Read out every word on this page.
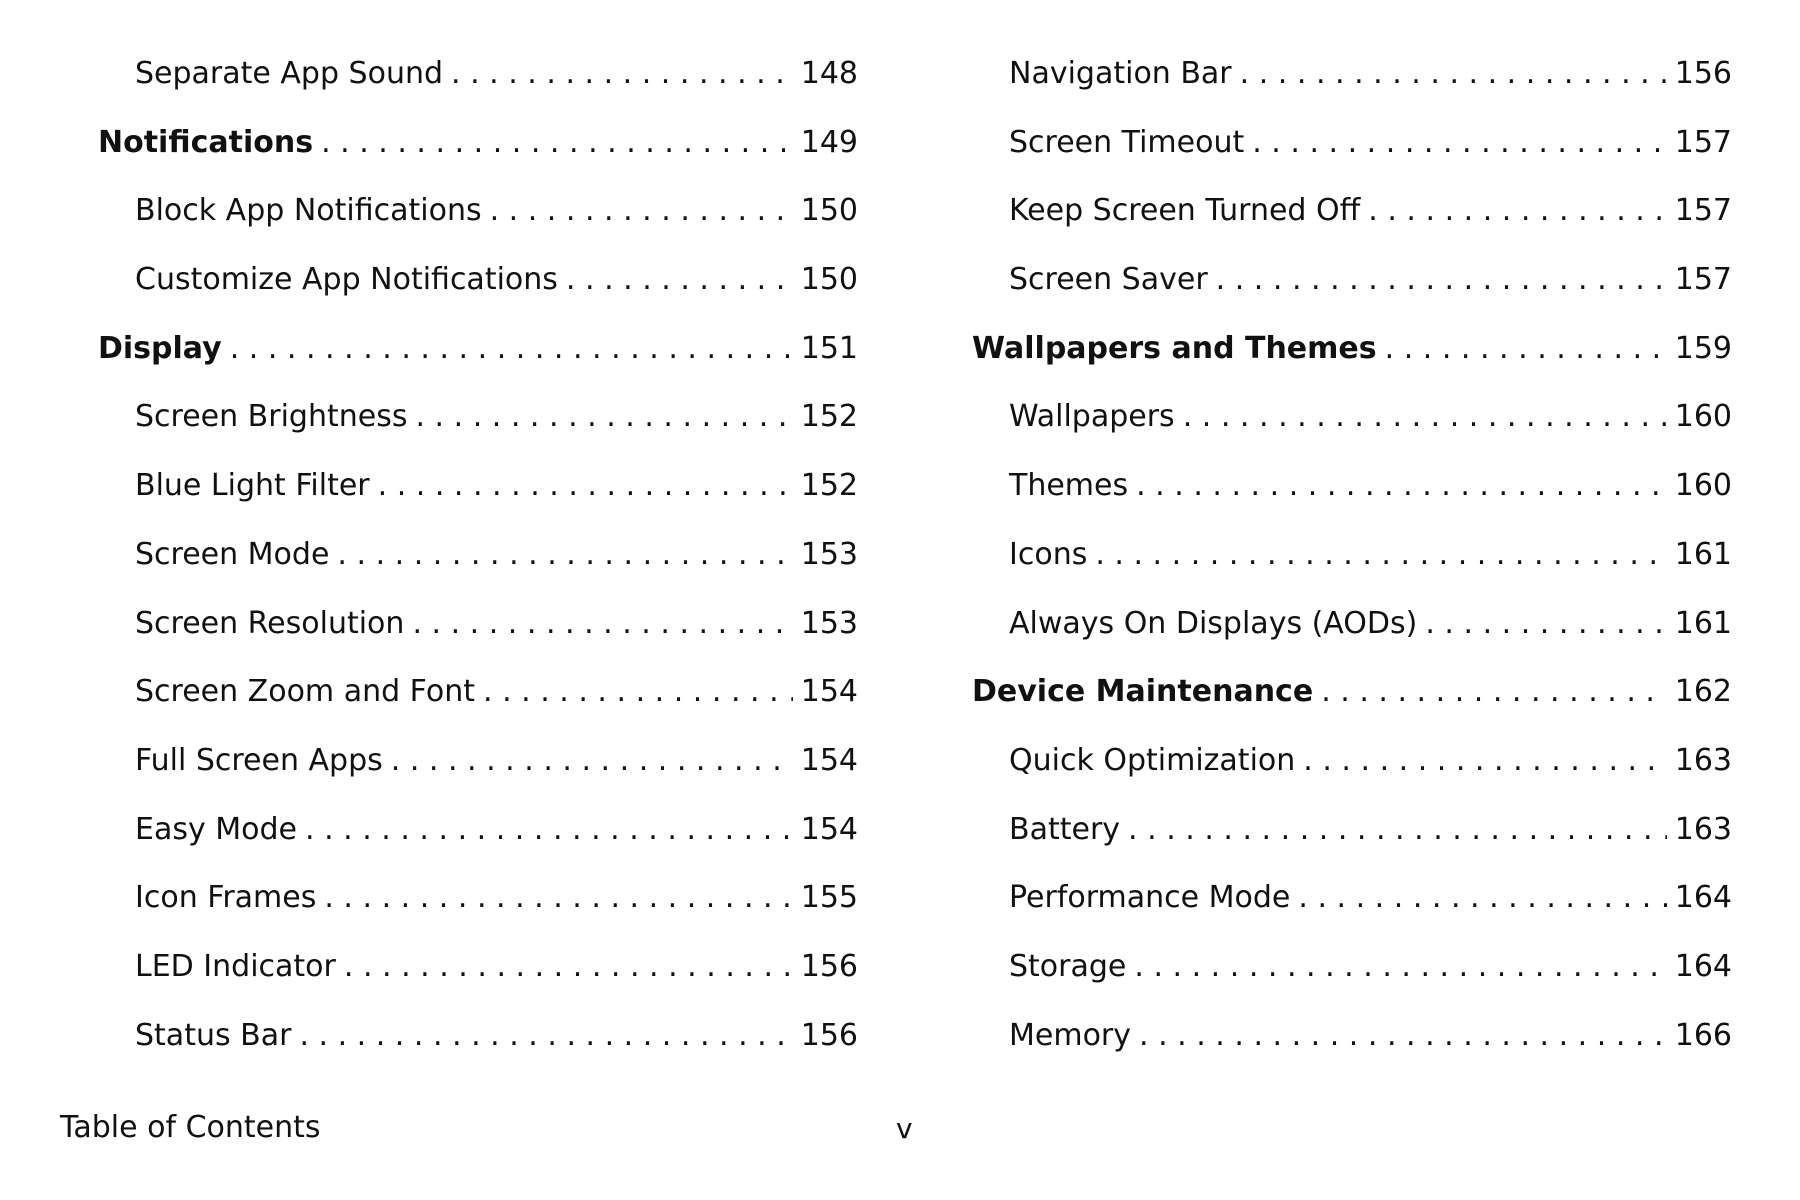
Separate App Sound . . .	148
Notifications . . .	149
Block App Notifications . . .	150
Customize App Notifications . . .	150
Display . . .	151
Screen Brightness . . .	152
Blue Light Filter . . .	152
Screen Mode . . .	153
Screen Resolution . . .	153
Screen Zoom and Font . . .	154
Full Screen Apps . . .	154
Easy Mode . . .	154
Icon Frames . . .	155
LED Indicator . . .	156
Status Bar . . .	156
Navigation Bar . . .	156
Screen Timeout . . .	157
Keep Screen Turned Off . . .	157
Screen Saver . . .	157
Wallpapers and Themes . . .	159
Wallpapers . . .	160
Themes . . .	160
Icons . . .	161
Always On Displays (AODs) . . .	161
Device Maintenance . . .	162
Quick Optimization . . .	163
Battery . . .	163
Performance Mode . . .	164
Storage . . .	164
Memory . . .	166
Table of Contents	v
